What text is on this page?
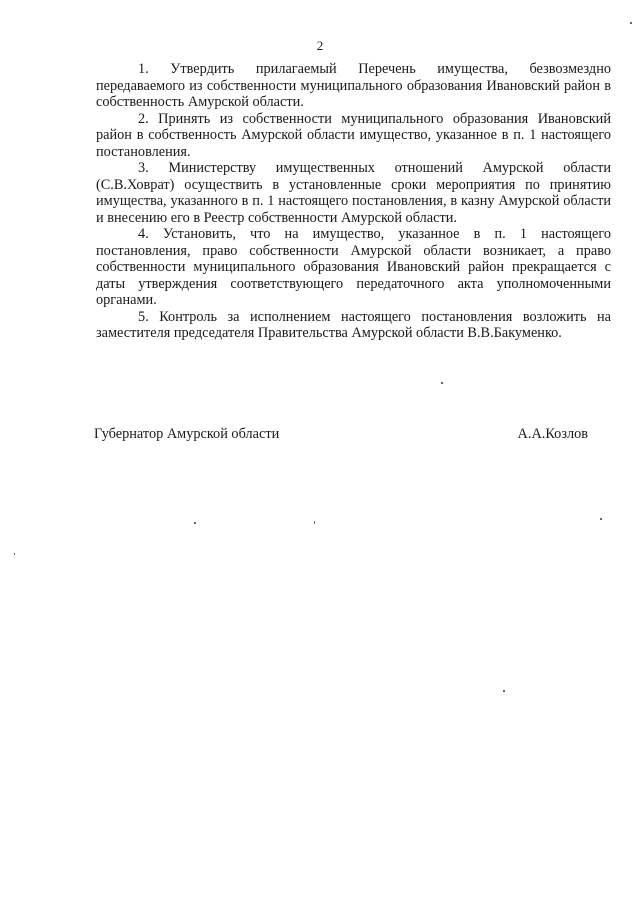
2

1. Утвердить прилагаемый Перечень имущества, безвозмездно передаваемого из собственности муниципального образования Ивановский район в собственность Амурской области.

2. Принять из собственности муниципального образования Ивановский район в собственность Амурской области имущество, указанное в п. 1 настоящего постановления.

3. Министерству имущественных отношений Амурской области (С.В.Ховрат) осуществить в установленные сроки мероприятия по принятию имущества, указанного в п. 1 настоящего постановления, в казну Амурской области и внесению его в Реестр собственности Амурской области.

4. Установить, что на имущество, указанное в п. 1 настоящего постановления, право собственности Амурской области возникает, а право собственности муниципального образования Ивановский район прекращается с даты утверждения соответствующего передаточного акта уполномоченными органами.

5. Контроль за исполнением настоящего постановления возложить на заместителя председателя Правительства Амурской области В.В.Бакуменко.

Губернатор Амурской области	А.А.Козлов
